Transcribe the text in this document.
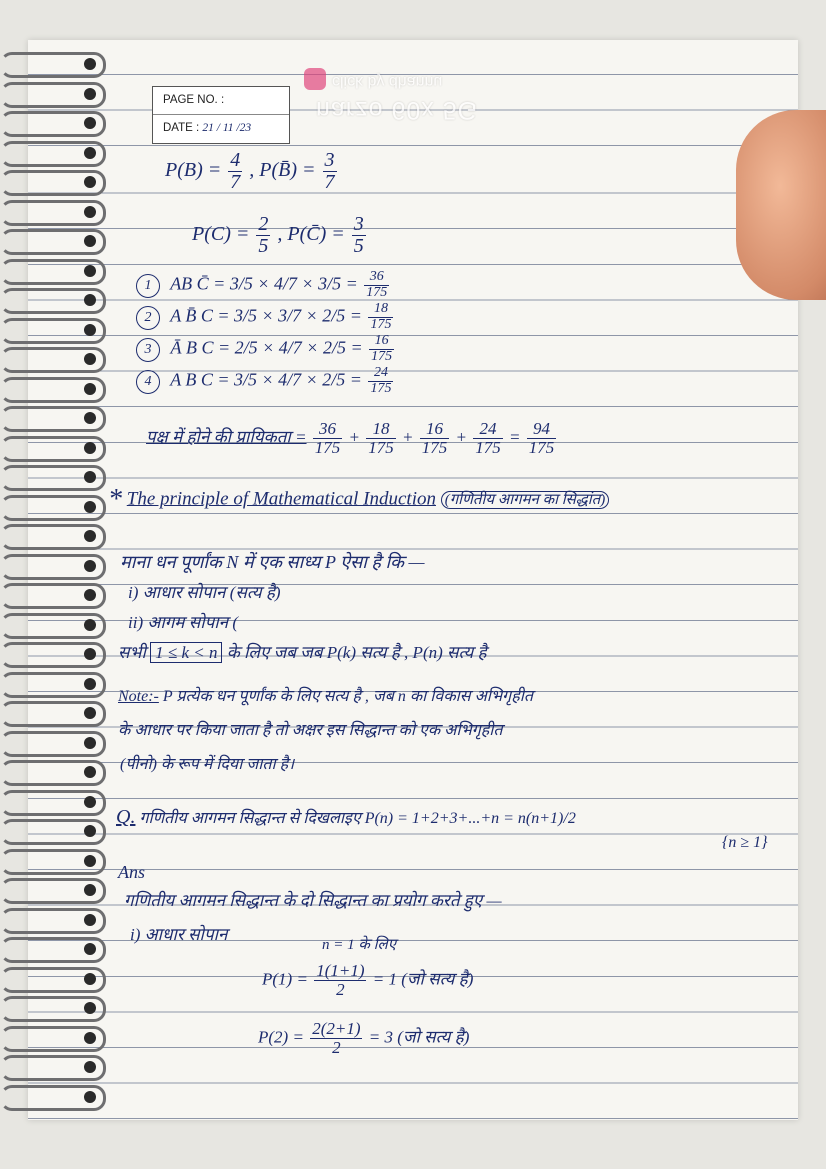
PAGE NO. :
DATE : 21 / 11 /23
click by dhannu
narzo 60x 5G
$P(B) = \frac{4}{7}$ , P(B̄) = $\frac{3}{7}$
$P(C) = \frac{2}{5}$ , P(C̄) = $\frac{3}{5}$
1 AB C̄ = $3/5 \times 4/7 \times 3/5 = \frac{36}{175}$
2 A B̄ $C = 3/5 \times 3/7 \times 2/5 = \frac{18}{175}$
3 Ā B $C = 2/5 \times 4/7 \times 2/5 = \frac{16}{175}$
4 A B $C = 3/5 \times 4/7 \times 2/5 = \frac{24}{175}$
पक्ष में होने की प्रायिकता = $\frac{36}{175} + \frac{18}{175} + \frac{16}{175} + \frac{24}{175} = \frac{94}{175}$
* The principle of Mathematical Induction (गणितीय आगमन का सिद्धांत)
माना धन पूर्णांक N में एक साध्य P ऐसा है कि —
i) आधार सोपान (सत्य है)
ii) आगम सोपान (
सभी 1 ≤ k < n के लिए जब जब P(k) सत्य है , P(n) सत्य है
Note:- P प्रत्येक धन पूर्णांक के लिए सत्य है , जब n का विकास अभिगृहीत
के आधार पर किया जाता है तो अक्षर इस सिद्धान्त को एक अभिगृहीत
(पीनो) के रूप में दिया जाता है।
Q. गणितीय आगमन सिद्धान्त से दिखलाइए P(n) = 1+2+3+...+n = n(n+1)/2
{n ≥ 1}
Ans
गणितीय आगमन सिद्धान्त के दो सिद्धान्त का प्रयोग करते हुए —
i) आधार सोपान
n = 1 के लिए
$P(1) = \frac{1(1+1)}{2} = 1$ (जो सत्य है)
$P(2) = \frac{2(2+1)}{2} = 3$ (जो सत्य है)
